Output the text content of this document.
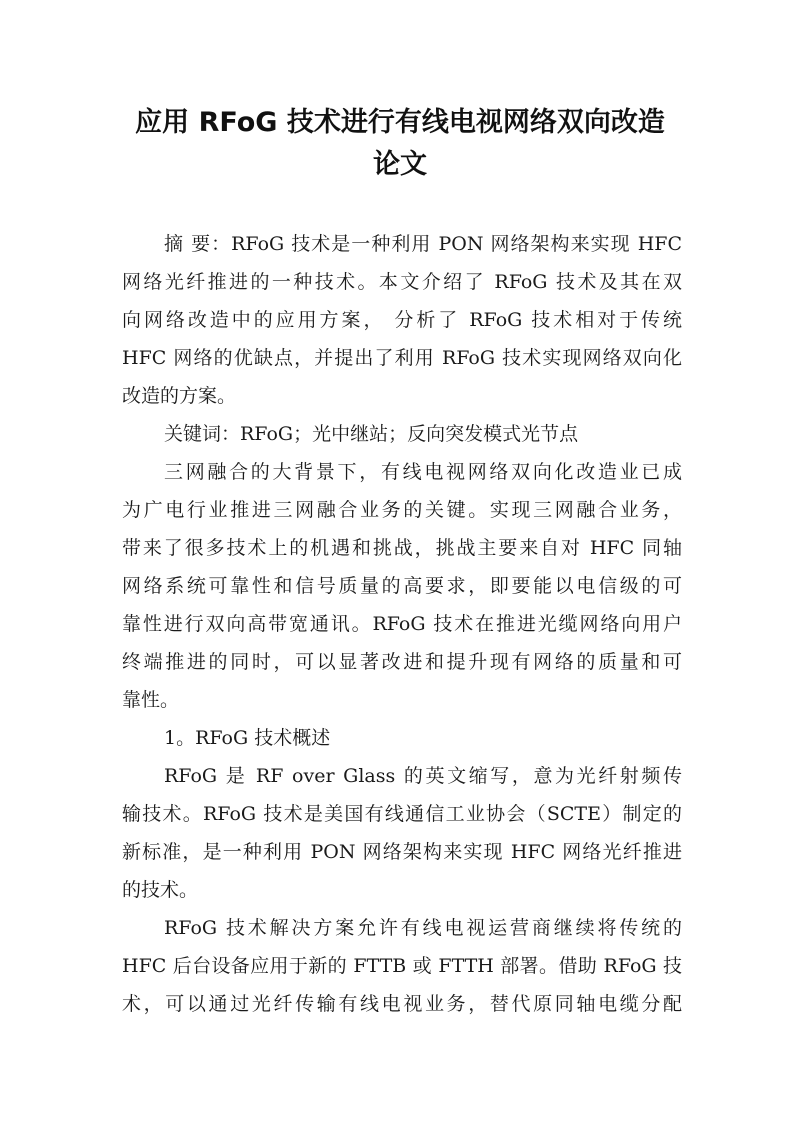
应用 RFoG 技术进行有线电视网络双向改造
论文
摘 要：RFoG 技术是一种利用 PON 网络架构来实现 HFC
网络光纤推进的一种技术。本文介绍了 RFoG 技术及其在双
向网络改造中的应用方案， 分析了 RFoG 技术相对于传统
HFC 网络的优缺点，并提出了利用 RFoG 技术实现网络双向化
改造的方案。
关键词：RFoG；光中继站；反向突发模式光节点
三网融合的大背景下，有线电视网络双向化改造业已成
为广电行业推进三网融合业务的关键。实现三网融合业务，
带来了很多技术上的机遇和挑战，挑战主要来自对 HFC 同轴
网络系统可靠性和信号质量的高要求，即要能以电信级的可
靠性进行双向高带宽通讯。RFoG 技术在推进光缆网络向用户
终端推进的同时，可以显著改进和提升现有网络的质量和可
靠性。
1。RFoG 技术概述
RFoG 是 RF over Glass 的英文缩写，意为光纤射频传
输技术。RFoG 技术是美国有线通信工业协会（SCTE）制定的
新标准，是一种利用 PON 网络架构来实现 HFC 网络光纤推进
的技术。
RFoG 技术解决方案允许有线电视运营商继续将传统的
HFC 后台设备应用于新的 FTTB 或 FTTH 部署。借助 RFoG 技
术，可以通过光纤传输有线电视业务，替代原同轴电缆分配
